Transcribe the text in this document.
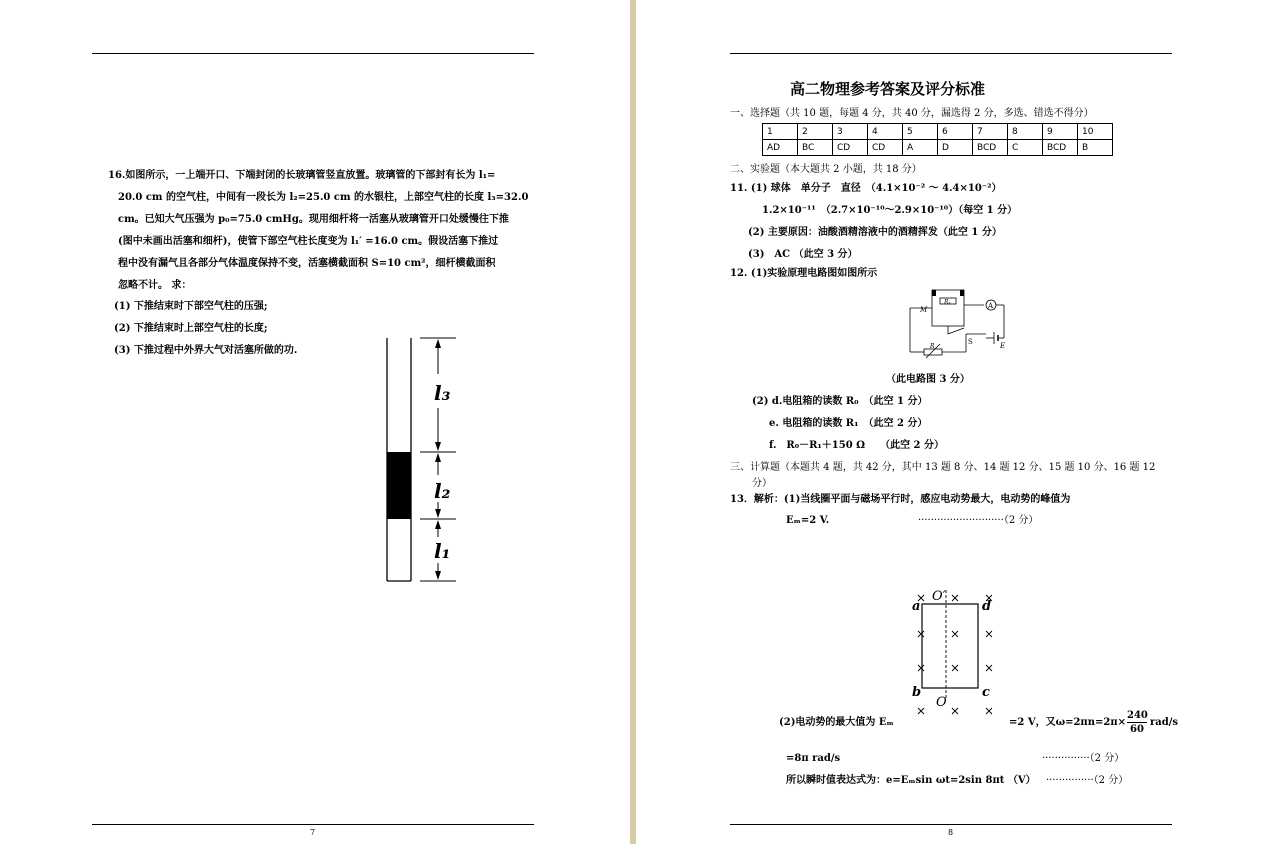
16.如图所示，一上端开口、下端封闭的长玻璃管竖直放置。玻璃管的下部封有长为 l₁=
20.0 cm 的空气柱，中间有一段长为 l₂=25.0 cm 的水银柱，上部空气柱的长度 l₃=32.0
cm。已知大气压强为 p₀=75.0 cmHg。现用细杆将一活塞从玻璃管开口处缓慢往下推
(图中未画出活塞和细杆)，使管下部空气柱长度变为 l₁′ =16.0 cm。假设活塞下推过
程中没有漏气且各部分气体温度保持不变，活塞横截面积 S=10 cm²，细杆横截面积
忽略不计。 求：
(1) 下推结束时下部空气柱的压强;
(2) 下推结束时上部空气柱的长度;
(3) 下推过程中外界大气对活塞所做的功.
l₃
l₂
l₁
7
高二物理参考答案及评分标准
一、选择题（共 10 题，每题 4 分，共 40 分，漏选得 2 分，多选、错选不得分）
1	2	3	4	5	6	7	8	9	10
AD	BC	CD	CD	A	D	BCD	C	BCD	B
二、实验题（本大题共 2 小题，共 18 分）
11. (1) 球体　单分子　直径　（4.1×10⁻² ～ 4.4×10⁻²）
1.2×10⁻¹¹　（2.7×10⁻¹⁰～2.9×10⁻¹⁰）（每空 1 分）
(2) 主要原因：油酸酒精溶液中的酒精挥发（此空 1 分）
(3)　AC （此空 3 分）
12. (1)实验原理电路图如图所示
Rₓ
M	A
S	E
R
（此电路图 3 分）
(2) d.电阻箱的读数 R₀　（此空 1 分）
e. 电阻箱的读数 R₁　（此空 2 分）
f.　R₀－R₁＋150 Ω　　（此空 2 分）
三、计算题（本题共 4 题，共 42 分，其中 13 题 8 分、14 题 12 分、15 题 10 分、16 题 12
分）
13．解析：(1)当线圈平面与磁场平行时，感应电动势最大，电动势的峰值为
Eₘ=2 V.	···························（2 分）
O′
O
a	d
b	c
(2)电动势的最大值为 Eₘ	=2 V，又$\omega=2\pi n=2\pi\times \frac{240}{60} rad/s$
=8π rad/s	···············（2 分）
所以瞬时值表达式为：e=Eₘsin ωt=2sin 8πt （V） ···············（2 分）
8
